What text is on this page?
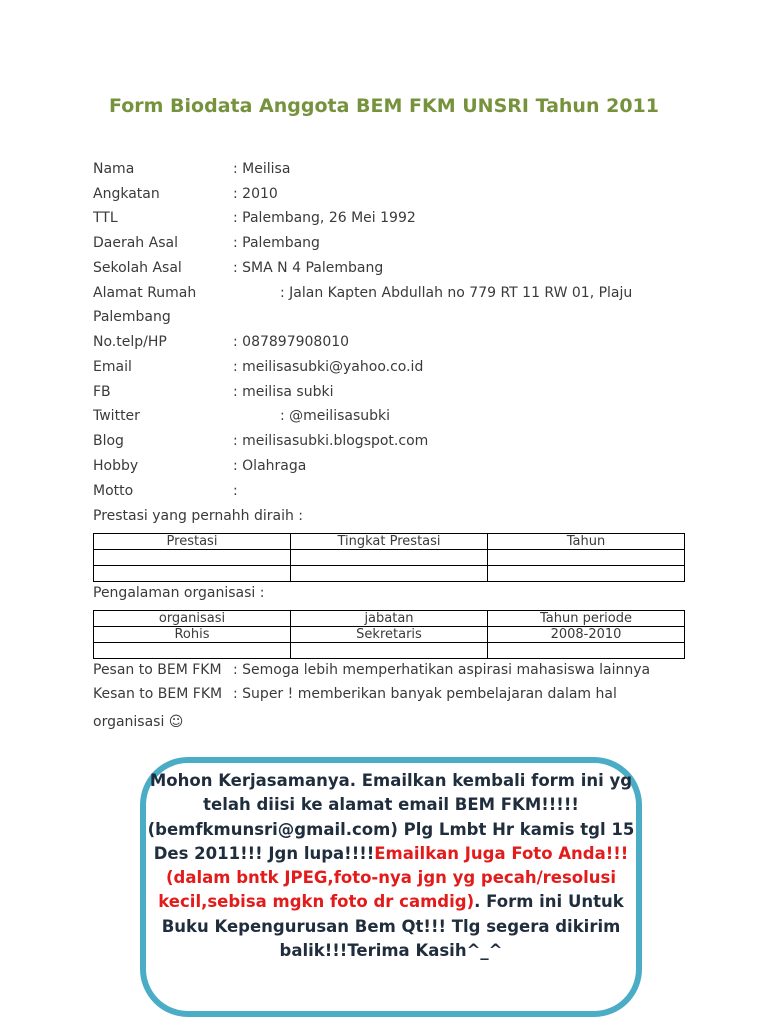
Form Biodata Anggota BEM FKM UNSRI Tahun 2011
Nama	: Meilisa
Angkatan	: 2010
TTL	: Palembang, 26 Mei 1992
Daerah Asal	: Palembang
Sekolah Asal	: SMA N 4 Palembang
Alamat Rumah	: Jalan Kapten Abdullah no 779 RT 11 RW 01, Plaju
Palembang
No.telp/HP	: 087897908010
Email	: meilisasubki@yahoo.co.id
FB	: meilisa subki
Twitter	: @meilisasubki
Blog	: meilisasubki.blogspot.com
Hobby	: Olahraga
Motto	:
Prestasi yang pernahh diraih :
Prestasi	Tingkat Prestasi	Tahun

Pengalaman organisasi :
organisasi	jabatan	Tahun periode
Rohis	Sekretaris	2008-2010

Pesan to BEM FKM : Semoga lebih memperhatikan aspirasi mahasiswa lainnya
Kesan to BEM FKM : Super ! memberikan banyak pembelajaran dalam hal
organisasi ☺
Mohon Kerjasamanya. Emailkan kembali form ini yg telah diisi ke alamat email BEM FKM!!!!! (bemfkmunsri@gmail.com) Plg Lmbt Hr kamis tgl 15 Des 2011!!! Jgn lupa!!!!Emailkan Juga Foto Anda!!! (dalam bntk JPEG,foto-nya jgn yg pecah/resolusi kecil,sebisa mgkn foto dr camdig). Form ini Untuk Buku Kepengurusan Bem Qt!!! Tlg segera dikirim balik!!!Terima Kasih^_^
